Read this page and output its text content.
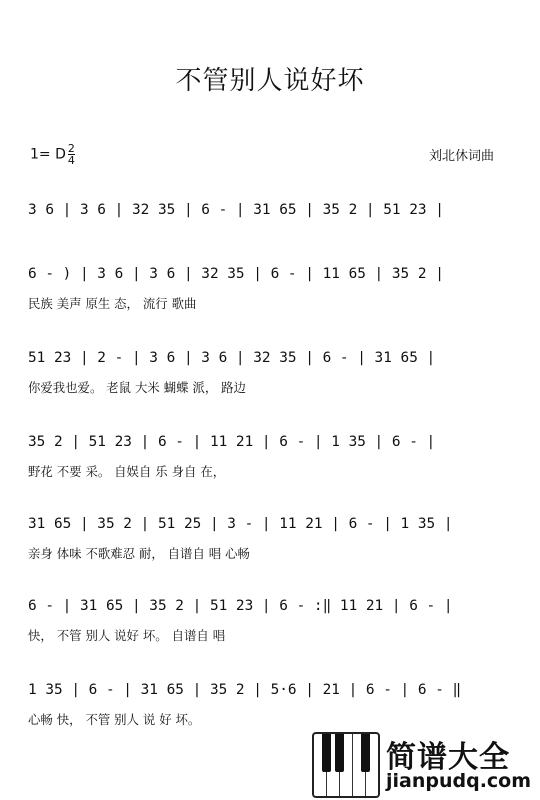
不管别人说好坏
1= D $\frac{2}{4}$	刘北休词曲
3 6 | 3 6 | 32 35 | 6 - | 31 65 | 35 2 | 51 23 |
6 - ) | 3 6 | 3 6 | 32 35 | 6 - | 11 65 | 35 2 |
民族 美声 原生 态， 流行 歌曲
51 23 | 2 - | 3 6 | 3 6 | 32 35 | 6 - | 31 65 |
你爱我也爱。 老鼠 大米 蝴蝶 派， 路边
35 2 | 51 23 | 6 - | 11 21 | 6 - | 1 35 | 6 - |
野花 不要 采。 自娱自 乐 身自 在，
31 65 | 35 2 | 51 25 | 3 - | 11 21 | 6 - | 1 35 |
亲身 体味 不歌难忍 耐， 自谱自 唱 心畅
6 - | 31 65 | 35 2 | 51 23 | 6 - :‖ 11 21 | 6 - |
快， 不管 别人 说好 坏。 自谱自 唱
1 35 | 6 - | 31 65 | 35 2 | 5·6 | 21 | 6 - | 6 - ‖
心畅 快， 不管 别人 说 好 坏。
简谱大全
jianpudq.com
